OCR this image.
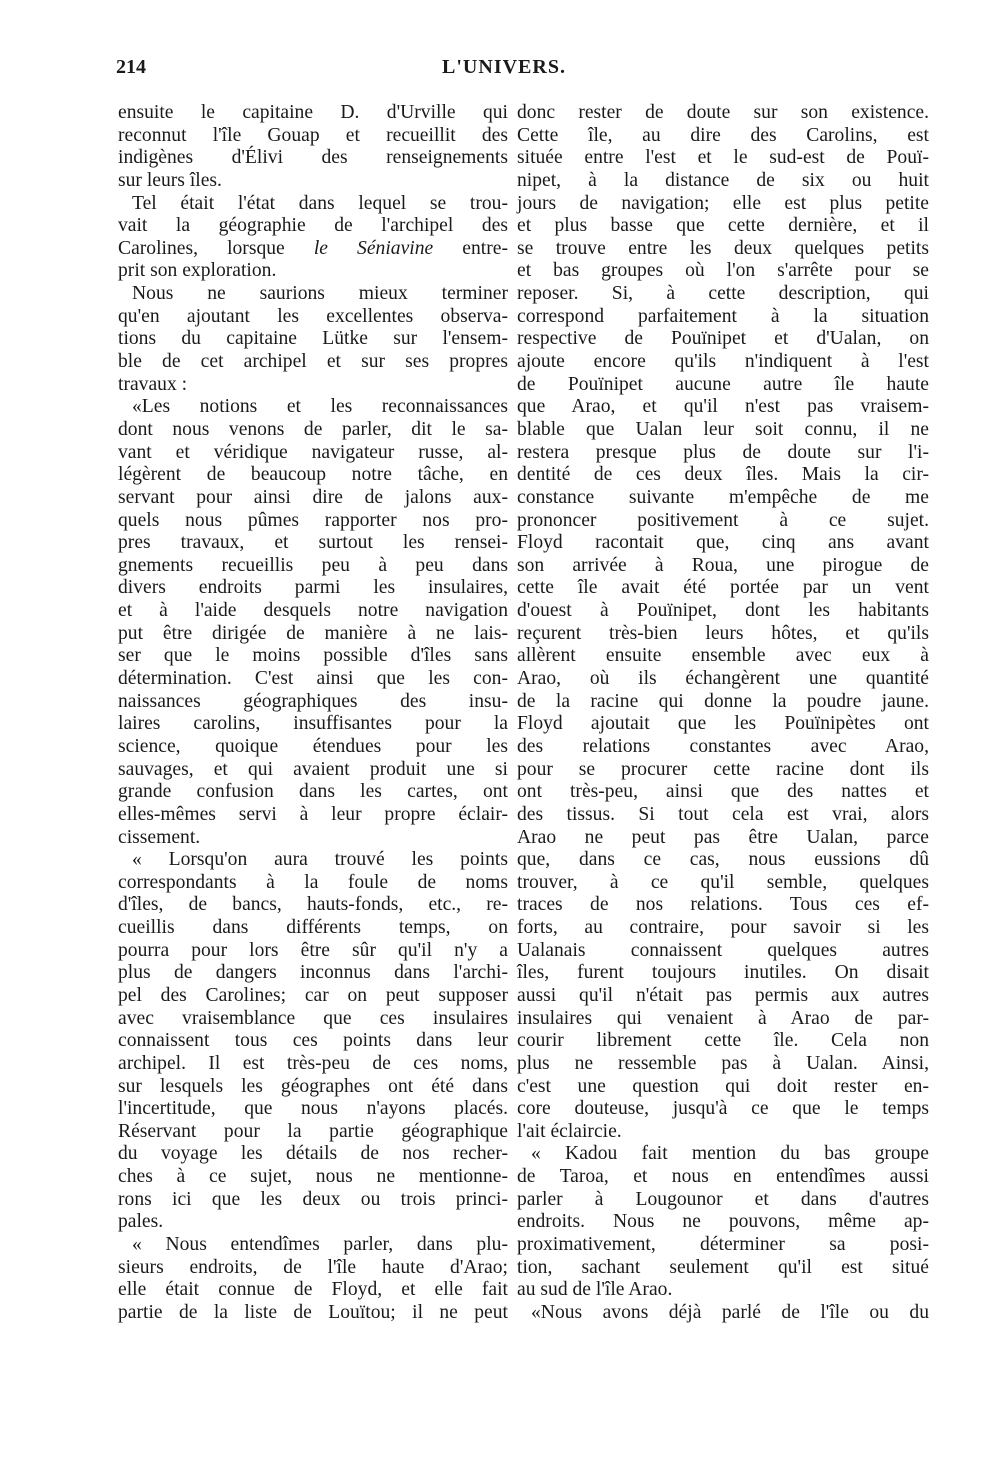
214	L'UNIVERS.
ensuite le capitaine D. d'Urville qui
reconnut l'île Gouap et recueillit des
indigènes d'Élivi des renseignements
sur leurs îles.
Tel était l'état dans lequel se trou-
vait la géographie de l'archipel des
Carolines, lorsque le Séniavine entre-
prit son exploration.
Nous ne saurions mieux terminer
qu'en ajoutant les excellentes observa-
tions du capitaine Lütke sur l'ensem-
ble de cet archipel et sur ses propres
travaux :
«Les notions et les reconnaissances
dont nous venons de parler, dit le sa-
vant et véridique navigateur russe, al-
légèrent de beaucoup notre tâche, en
servant pour ainsi dire de jalons aux-
quels nous pûmes rapporter nos pro-
pres travaux, et surtout les rensei-
gnements recueillis peu à peu dans
divers endroits parmi les insulaires,
et à l'aide desquels notre navigation
put être dirigée de manière à ne lais-
ser que le moins possible d'îles sans
détermination. C'est ainsi que les con-
naissances géographiques des insu-
laires carolins, insuffisantes pour la
science, quoique étendues pour les
sauvages, et qui avaient produit une si
grande confusion dans les cartes, ont
elles-mêmes servi à leur propre éclair-
cissement.
« Lorsqu'on aura trouvé les points
correspondants à la foule de noms
d'îles, de bancs, hauts-fonds, etc., re-
cueillis dans différents temps, on
pourra pour lors être sûr qu'il n'y a
plus de dangers inconnus dans l'archi-
pel des Carolines; car on peut supposer
avec vraisemblance que ces insulaires
connaissent tous ces points dans leur
archipel. Il est très-peu de ces noms,
sur lesquels les géographes ont été dans
l'incertitude, que nous n'ayons placés.
Réservant pour la partie géographique
du voyage les détails de nos recher-
ches à ce sujet, nous ne mentionne-
rons ici que les deux ou trois princi-
pales.
« Nous entendîmes parler, dans plu-
sieurs endroits, de l'île haute d'Arao;
elle était connue de Floyd, et elle fait
partie de la liste de Louïtou; il ne peut
donc rester de doute sur son existence.
Cette île, au dire des Carolins, est
située entre l'est et le sud-est de Pouï-
nipet, à la distance de six ou huit
jours de navigation; elle est plus petite
et plus basse que cette dernière, et il
se trouve entre les deux quelques petits
et bas groupes où l'on s'arrête pour se
reposer. Si, à cette description, qui
correspond parfaitement à la situation
respective de Pouïnipet et d'Ualan, on
ajoute encore qu'ils n'indiquent à l'est
de Pouïnipet aucune autre île haute
que Arao, et qu'il n'est pas vraisem-
blable que Ualan leur soit connu, il ne
restera presque plus de doute sur l'i-
dentité de ces deux îles. Mais la cir-
constance suivante m'empêche de me
prononcer positivement à ce sujet.
Floyd racontait que, cinq ans avant
son arrivée à Roua, une pirogue de
cette île avait été portée par un vent
d'ouest à Pouïnipet, dont les habitants
reçurent très-bien leurs hôtes, et qu'ils
allèrent ensuite ensemble avec eux à
Arao, où ils échangèrent une quantité
de la racine qui donne la poudre jaune.
Floyd ajoutait que les Pouïnipètes ont
des relations constantes avec Arao,
pour se procurer cette racine dont ils
ont très-peu, ainsi que des nattes et
des tissus. Si tout cela est vrai, alors
Arao ne peut pas être Ualan, parce
que, dans ce cas, nous eussions dû
trouver, à ce qu'il semble, quelques
traces de nos relations. Tous ces ef-
forts, au contraire, pour savoir si les
Ualanais connaissent quelques autres
îles, furent toujours inutiles. On disait
aussi qu'il n'était pas permis aux autres
insulaires qui venaient à Arao de par-
courir librement cette île. Cela non
plus ne ressemble pas à Ualan. Ainsi,
c'est une question qui doit rester en-
core douteuse, jusqu'à ce que le temps
l'ait éclaircie.
« Kadou fait mention du bas groupe
de Taroa, et nous en entendîmes aussi
parler à Lougounor et dans d'autres
endroits. Nous ne pouvons, même ap-
proximativement, déterminer sa posi-
tion, sachant seulement qu'il est situé
au sud de l'île Arao.
«Nous avons déjà parlé de l'île ou du
